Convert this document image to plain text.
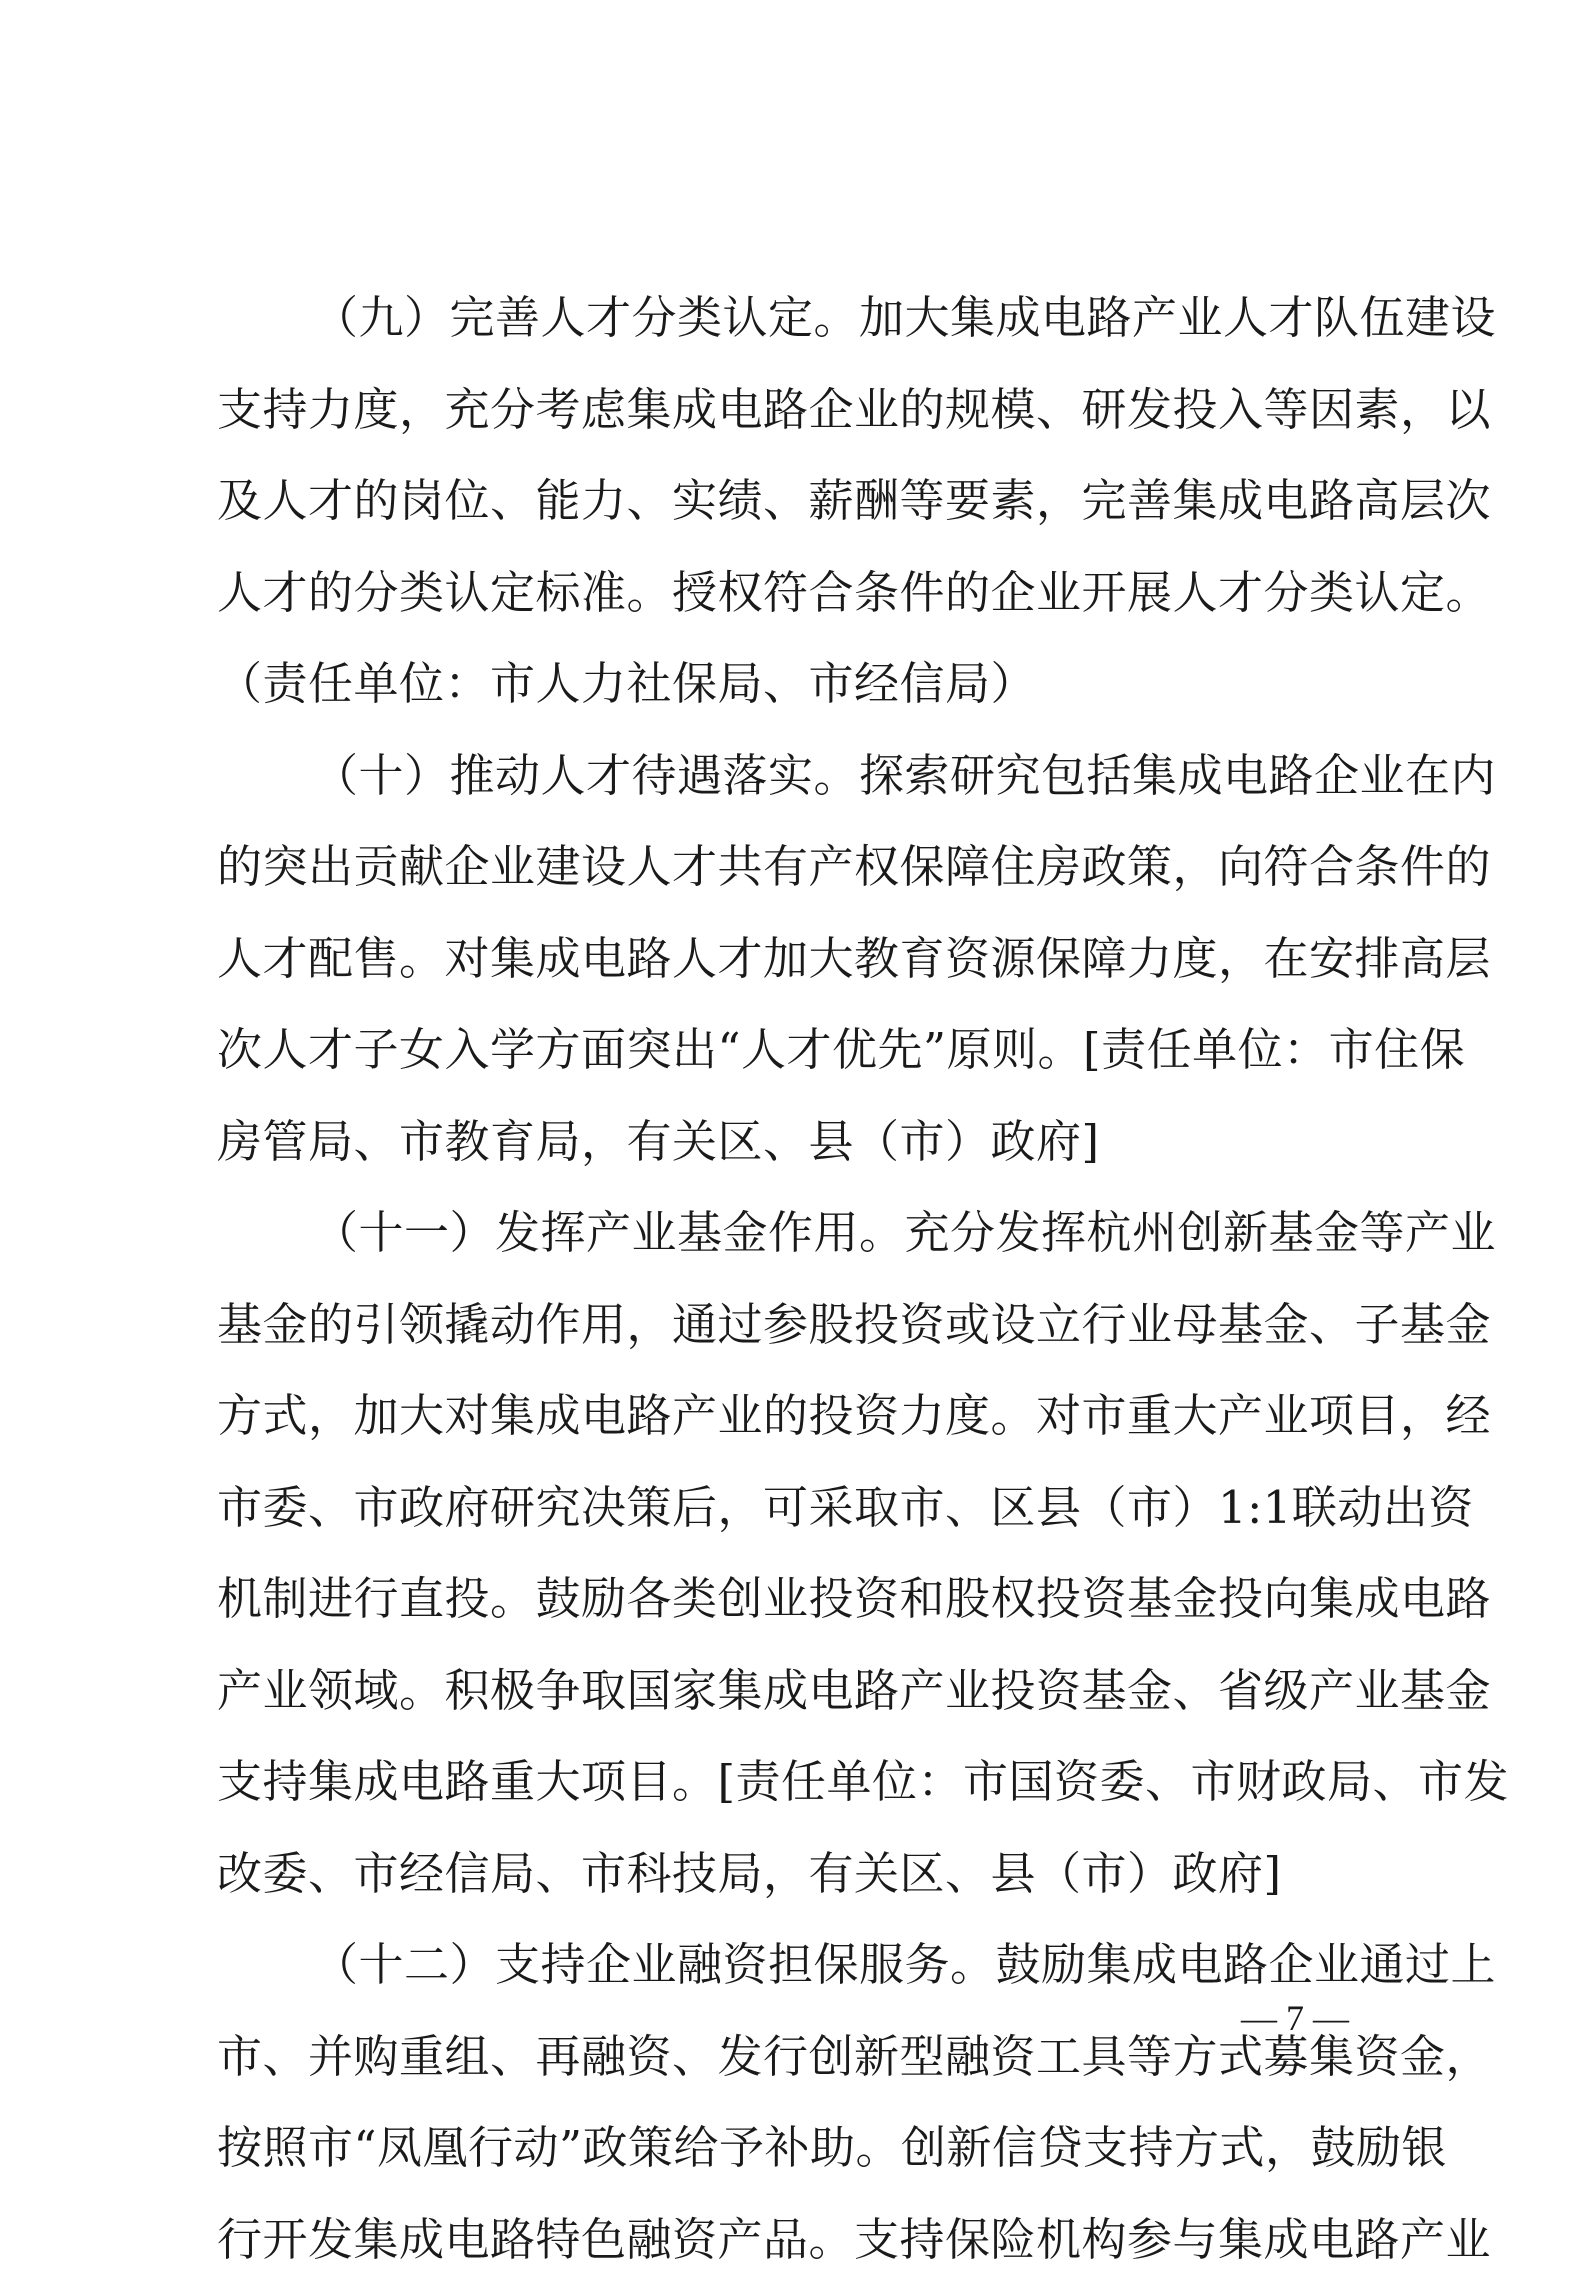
（九）完善人才分类认定。加大集成电路产业人才队伍建设
支持力度，充分考虑集成电路企业的规模、研发投入等因素，以
及人才的岗位、能力、实绩、薪酬等要素，完善集成电路高层次
人才的分类认定标准。授权符合条件的企业开展人才分类认定。
（责任单位：市人力社保局、市经信局）

（十）推动人才待遇落实。探索研究包括集成电路企业在内
的突出贡献企业建设人才共有产权保障住房政策，向符合条件的
人才配售。对集成电路人才加大教育资源保障力度，在安排高层
次人才子女入学方面突出“人才优先”原则。[责任单位：市住保
房管局、市教育局，有关区、县（市）政府]

（十一）发挥产业基金作用。充分发挥杭州创新基金等产业
基金的引领撬动作用，通过参股投资或设立行业母基金、子基金
方式，加大对集成电路产业的投资力度。对市重大产业项目，经
市委、市政府研究决策后，可采取市、区县（市）1:1联动出资
机制进行直投。鼓励各类创业投资和股权投资基金投向集成电路
产业领域。积极争取国家集成电路产业投资基金、省级产业基金
支持集成电路重大项目。[责任单位：市国资委、市财政局、市发
改委、市经信局、市科技局，有关区、县（市）政府]

（十二）支持企业融资担保服务。鼓励集成电路企业通过上
市、并购重组、再融资、发行创新型融资工具等方式募集资金，
按照市“凤凰行动”政策给予补助。创新信贷支持方式，鼓励银
行开发集成电路特色融资产品。支持保险机构参与集成电路产业

— 7 —
